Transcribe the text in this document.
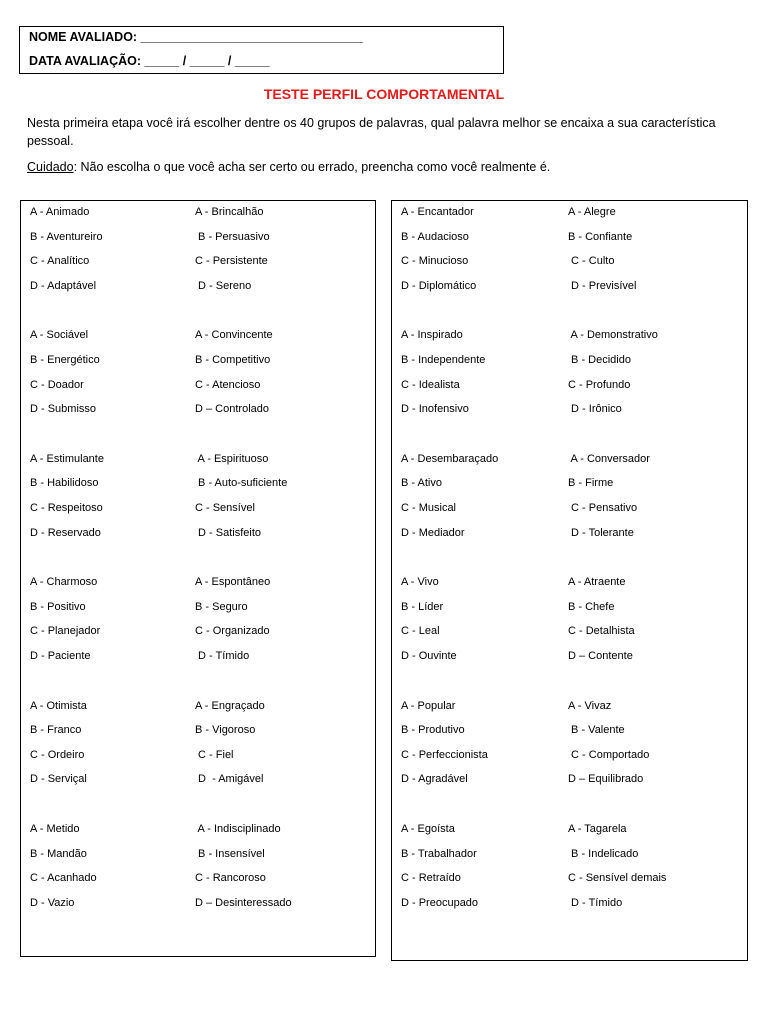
NOME AVALIADO: ________________________________
DATA AVALIAÇÃO: _____ / _____ / _____
TESTE PERFIL COMPORTAMENTAL
Nesta primeira etapa você irá escolher dentre os 40 grupos de palavras, qual palavra melhor se encaixa a sua característica pessoal.
Cuidado: Não escolha o que você acha ser certo ou errado, preencha como você realmente é.
A - Animado
B - Aventureiro
C - Analítico
D - Adaptável
A - Brincalhão
B - Persuasivo
C - Persistente
D - Sereno
A - Sociável
B - Energético
C - Doador
D - Submisso
A - Convincente
B - Competitivo
C - Atencioso
D – Controlado
A - Estimulante
B - Habilidoso
C - Respeitoso
D - Reservado
A - Espirituoso
B - Auto-suficiente
C - Sensível
D - Satisfeito
A - Charmoso
B - Positivo
C - Planejador
D - Paciente
A - Espontâneo
B - Seguro
C - Organizado
D - Tímido
A - Otimista
B - Franco
C - Ordeiro
D - Serviçal
A - Engraçado
B - Vigoroso
C - Fiel
D  - Amigável
A - Metido
B - Mandão
C - Acanhado
D - Vazio
A - Indisciplinado
B - Insensível
C - Rancoroso
D – Desinteressado
A - Encantador
B - Audacioso
C - Minucioso
D - Diplomático
A - Alegre
B - Confiante
C - Culto
D - Previsível
A - Inspirado
B - Independente
C - Idealista
D - Inofensivo
A - Demonstrativo
B - Decidido
C - Profundo
D - Irônico
A - Desembaraçado
B - Ativo
C - Musical
D - Mediador
A - Conversador
B - Firme
C - Pensativo
D - Tolerante
A - Vivo
B - Líder
C - Leal
D - Ouvinte
A - Atraente
B - Chefe
C - Detalhista
D – Contente
A - Popular
B - Produtivo
C - Perfeccionista
D - Agradável
A - Vivaz
B - Valente
C - Comportado
D – Equilibrado
A - Egoísta
B - Trabalhador
C - Retraído
D - Preocupado
A - Tagarela
B - Indelicado
C - Sensível demais
D - Tímido
